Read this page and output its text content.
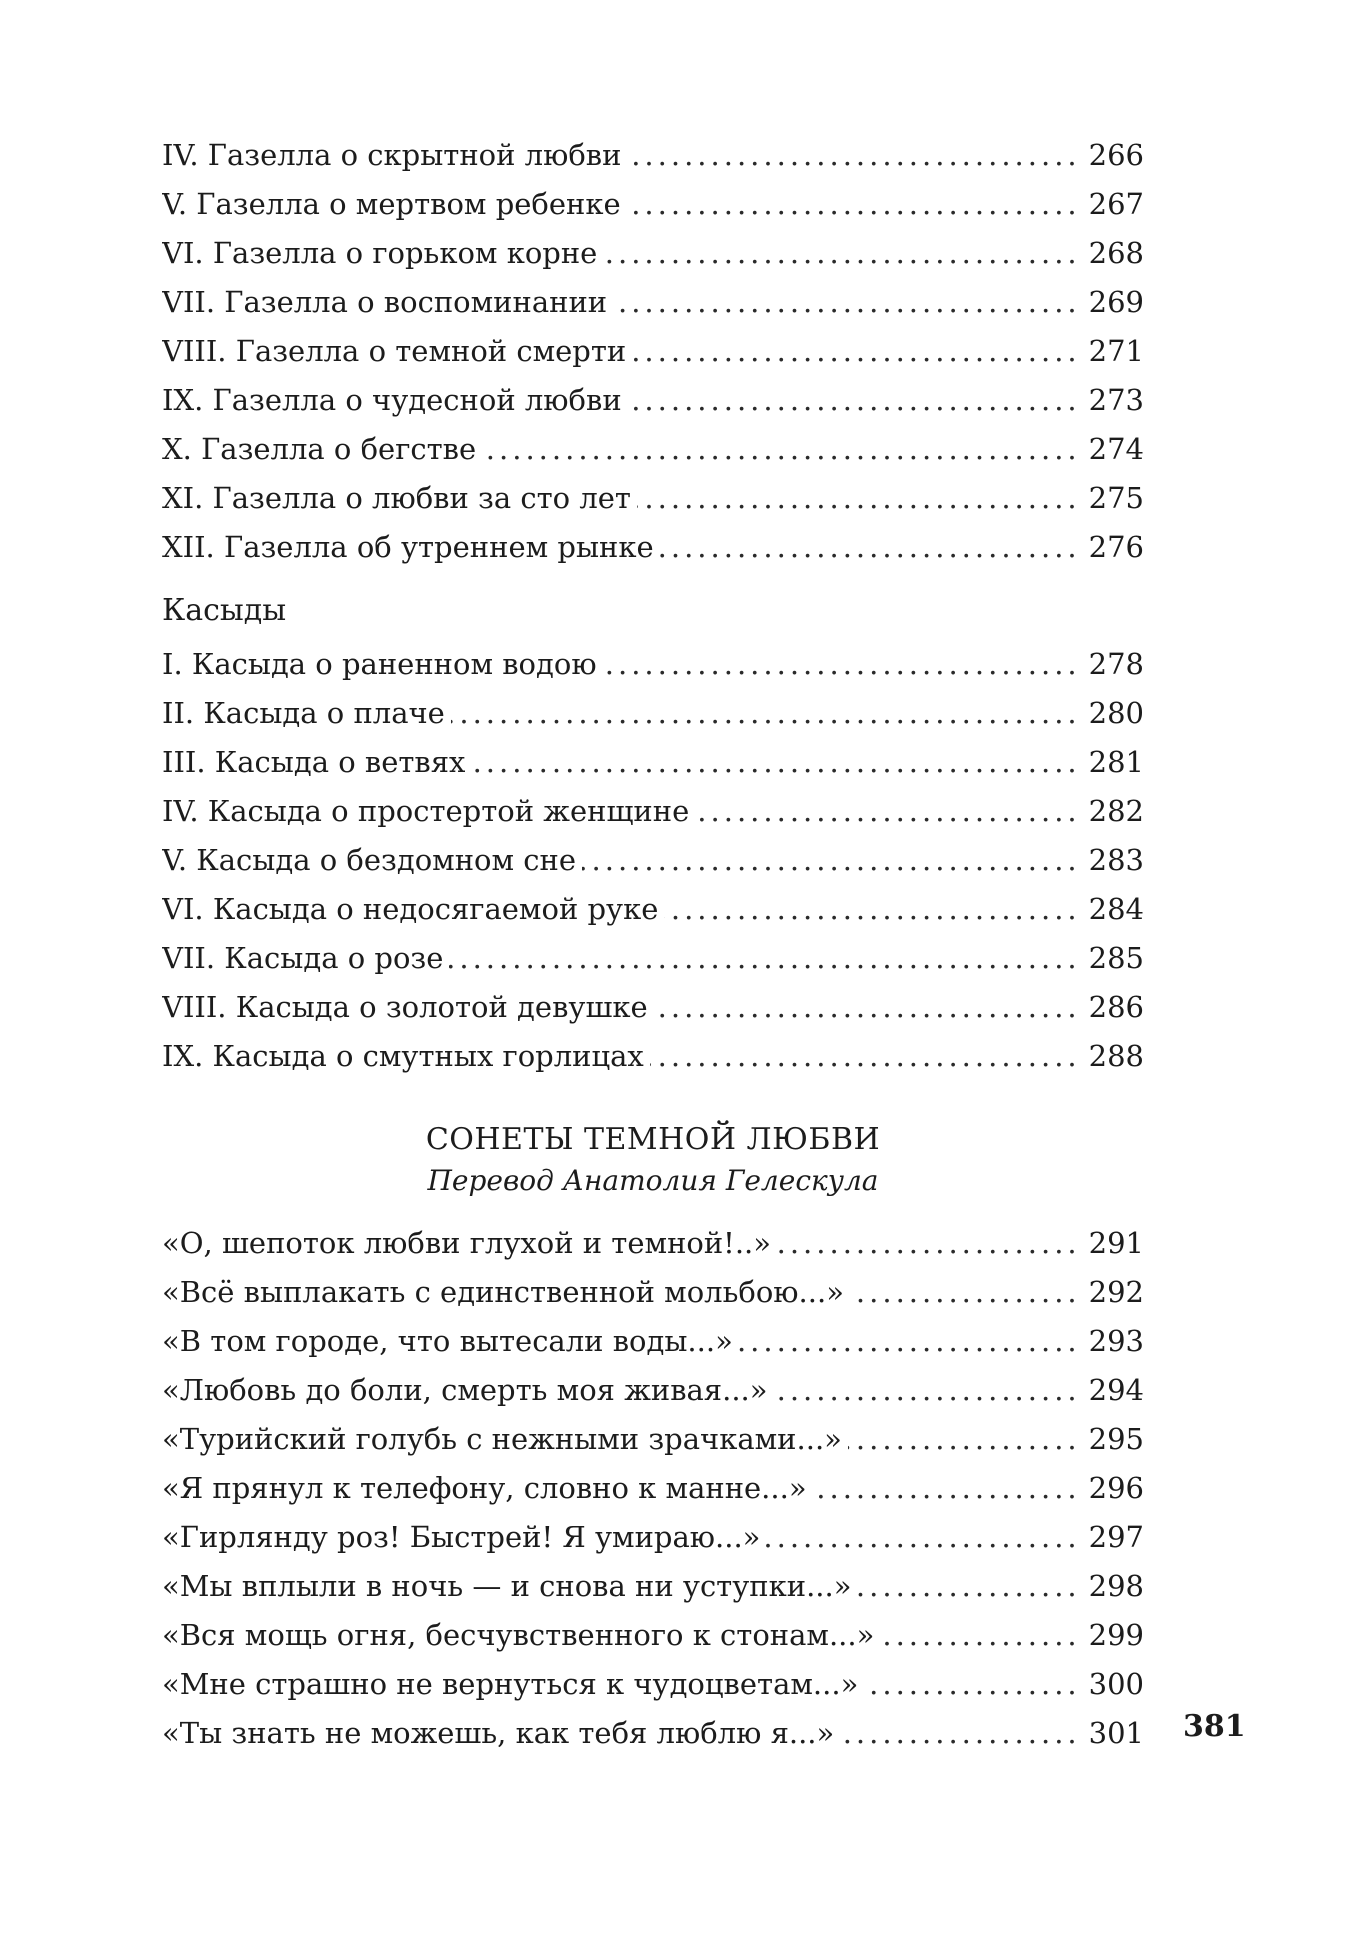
IV. Газелла о скрытной любви .....	266
V. Газелла о мертвом ребенке .....	267
VI. Газелла о горьком корне .....	268
VII. Газелла о воспоминании .....	269
VIII. Газелла о темной смерти .....	271
IX. Газелла о чудесной любви .....	273
X. Газелла о бегстве .....	274
XI. Газелла о любви за сто лет .....	275
XII. Газелла об утреннем рынке .....	276
Касыды
I. Касыда о раненном водою .....	278
II. Касыда о плаче .....	280
III. Касыда о ветвях .....	281
IV. Касыда о простертой женщине .....	282
V. Касыда о бездомном сне .....	283
VI. Касыда о недосягаемой руке .....	284
VII. Касыда о розе .....	285
VIII. Касыда о золотой девушке .....	286
IX. Касыда о смутных горлицах .....	288
СОНЕТЫ ТЕМНОЙ ЛЮБВИ
Перевод Анатолия Гелескула
«О, шепоток любви глухой и темной!..» .....	291
«Всё выплакать с единственной мольбою...» .....	292
«В том городе, что вытесали воды...» .....	293
«Любовь до боли, смерть моя живая...» .....	294
«Турийский голубь с нежными зрачками...» .....	295
«Я прянул к телефону, словно к манне...» .....	296
«Гирлянду роз! Быстрей! Я умираю...» .....	297
«Мы вплыли в ночь — и снова ни уступки...» .....	298
«Вся мощь огня, бесчувственного к стонам...» .....	299
«Мне страшно не вернуться к чудоцветам...» .....	300
«Ты знать не можешь, как тебя люблю я...» .....	301 381
